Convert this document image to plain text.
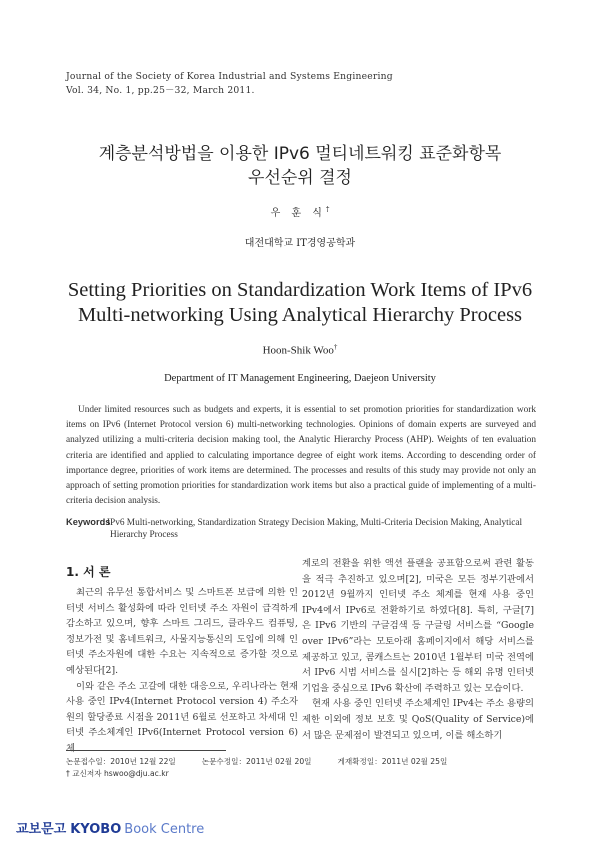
Journal of the Society of Korea Industrial and Systems Engineering
Vol. 34, No. 1, pp.25－32, March 2011.
계층분석방법을 이용한 IPv6 멀티네트워킹 표준화항목
우선순위 결정
우 훈 식†
대전대학교 IT경영공학과
Setting Priorities on Standardization Work Items of IPv6
Multi-networking Using Analytical Hierarchy Process
Hoon-Shik Woo†
Department of IT Management Engineering, Daejeon University
Under limited resources such as budgets and experts, it is essential to set promotion priorities for standardization work items on IPv6 (Internet Protocol version 6) multi-networking technologies. Opinions of domain experts are surveyed and analyzed utilizing a multi-criteria decision making tool, the Analytic Hierarchy Process (AHP). Weights of ten evaluation criteria are identified and applied to calculating importance degree of eight work items. According to descending order of importance degree, priorities of work items are determined. The processes and results of this study may provide not only an approach of setting promotion priorities for standardization work items but also a practical guide of implementing of a multi-criteria decision analysis.
Keywords
: IPv6 Multi-networking, Standardization Strategy Decision Making, Multi-Criteria Decision Making, Analytical Hierarchy Process
1. 서 론

최근의 유무선 통합서비스 및 스마트폰 보급에 의한 인터넷 서비스 활성화에 따라 인터넷 주소 자원이 급격하게 감소하고 있으며, 향후 스마트 그리드, 클라우드 컴퓨팅, 정보가전 및 홈네트워크, 사물지능통신의 도입에 의해 인터넷 주소자원에 대한 수요는 지속적으로 증가할 것으로 예상된다[2].

이와 같은 주소 고갈에 대한 대응으로, 우리나라는 현재 사용 중인 IPv4(Internet Protocol version 4) 주소자원의 할당종료 시점을 2011년 6월로 선포하고 차세대 인터넷 주소체계인 IPv6(Internet Protocol version 6) 체

계로의 전환을 위한 액션 플랜을 공표함으로써 관련 활동을 적극 추진하고 있으며[2], 미국은 모든 정부기관에서 2012년 9월까지 인터넷 주소 체계를 현재 사용 중인 IPv4에서 IPv6로 전환하기로 하였다[8]. 특히, 구글[7]은 IPv6 기반의 구글검색 등 구글링 서비스를 “Google over IPv6”라는 모토아래 홈페이지에서 해당 서비스를 제공하고 있고, 콤캐스트는 2010년 1월부터 미국 전역에서 IPv6 시범 서비스를 실시[2]하는 등 해외 유명 인터넷 기업을 중심으로 IPv6 확산에 주력하고 있는 모습이다.

현재 사용 중인 인터넷 주소체계인 IPv4는 주소 용량의 제한 이외에 정보 보호 및 QoS(Quality of Service)에서 많은 문제점이 발견되고 있으며, 이를 해소하기

논문접수일：2010년 12월 22일	논문수정일：2011년 02월 20일	게재확정일：2011년 02월 25일
† 교신저자 hswoo@dju.ac.kr
교보문고 KYOBO Book Centre
